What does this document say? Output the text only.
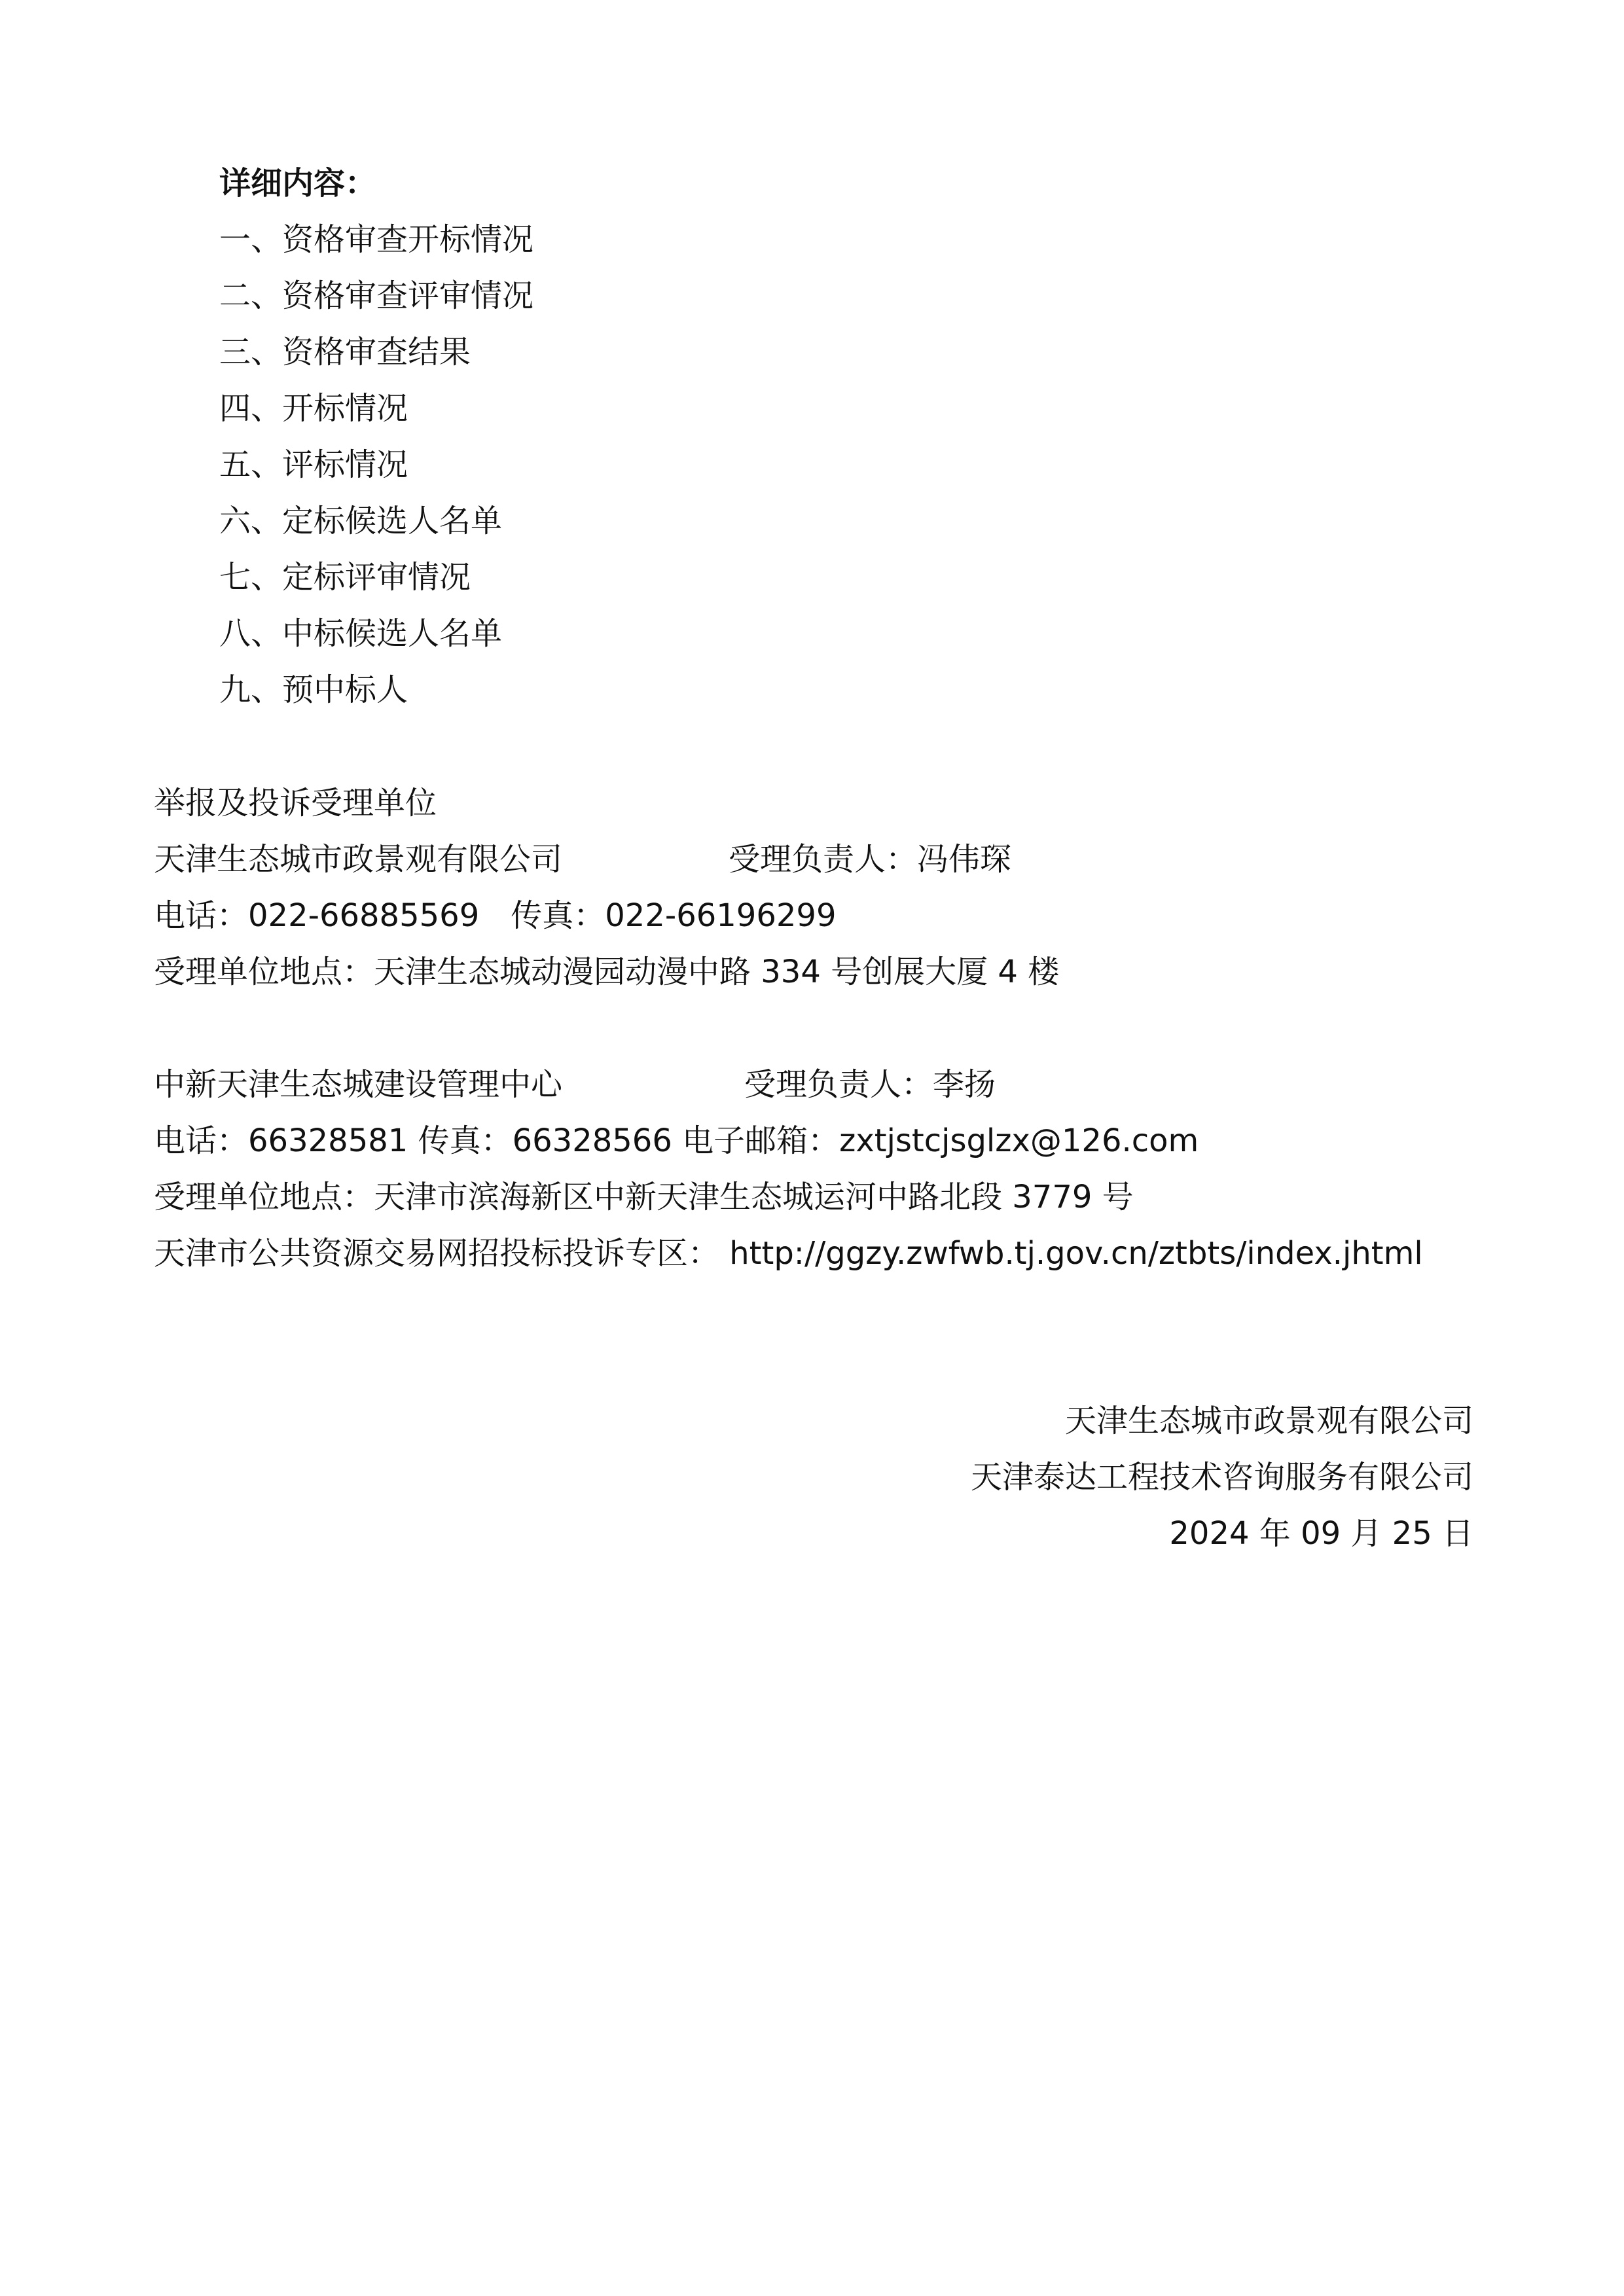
详细内容：
一、资格审查开标情况
二、资格审查评审情况
三、资格审查结果
四、开标情况
五、评标情况
六、定标候选人名单
七、定标评审情况
八、中标候选人名单
九、预中标人
举报及投诉受理单位
天津生态城市政景观有限公司	受理负责人：冯伟琛
电话：022-66885569　传真：022-66196299
受理单位地点：天津生态城动漫园动漫中路 334 号创展大厦 4 楼
中新天津生态城建设管理中心	受理负责人：李扬
电话：66328581 传真：66328566 电子邮箱：zxtjstcjsglzx@126.com
受理单位地点：天津市滨海新区中新天津生态城运河中路北段 3779 号
天津市公共资源交易网招投标投诉专区： http://ggzy.zwfwb.tj.gov.cn/ztbts/index.jhtml
天津生态城市政景观有限公司
天津泰达工程技术咨询服务有限公司
2024 年 09 月 25 日
